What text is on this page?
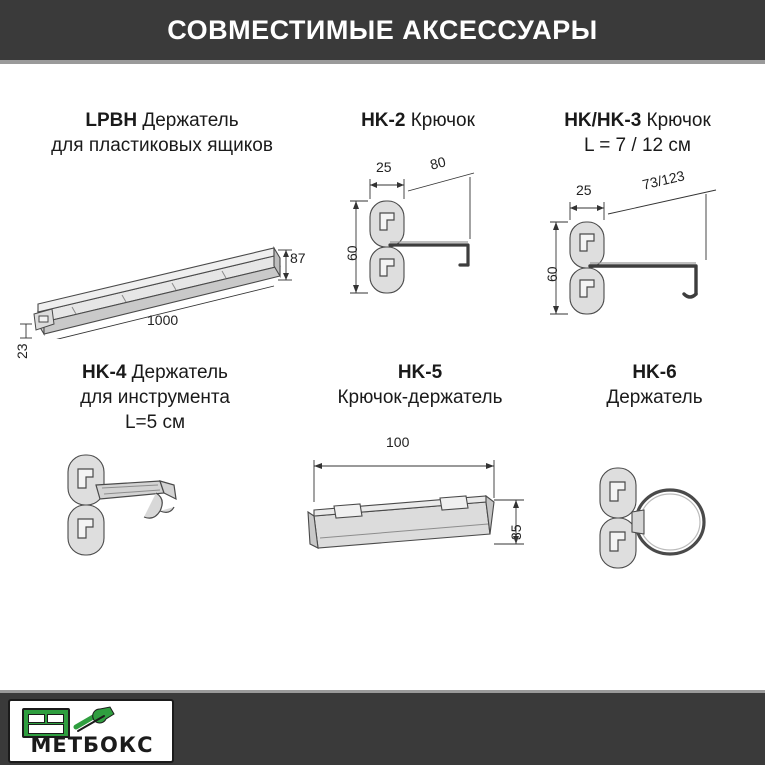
СОВМЕСТИМЫЕ АКСЕССУАРЫ
LPBH Держатель
для пластиковых ящиков
87
1000
23
HK-2 Крючок
25	80
60
HK/HK-3 Крючок
L = 7 / 12 см
25	73/123
60
HK-4 Держатель
для инструмента
L=5 см
HK-5
Крючок-держатель
100
35
HK-6
Держатель
МЕТБОКС
